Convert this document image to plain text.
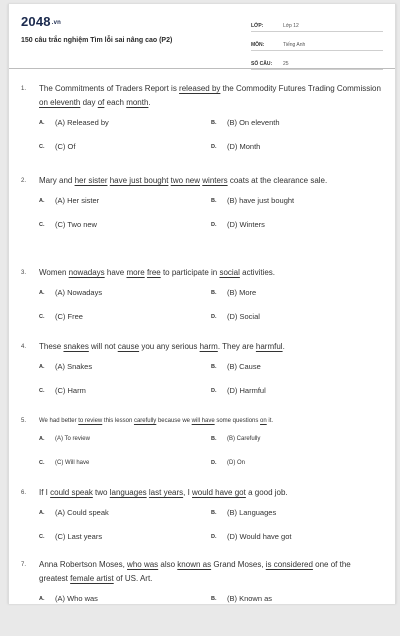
2048.vn
150 câu trắc nghiệm Tìm lỗi sai nâng cao (P2)
LỚP:	Lớp 12
MÔN:	Tiếng Anh
SỐ CÂU:	25
1.	The Commitments of Traders Report is released by the Commodity Futures Trading Commission on eleventh day of each month.
A.	(A) Released by	B.	(B) On eleventh
C.	(C) Of	D.	(D) Month
2.	Mary and her sister have just bought two new winters coats at the clearance sale.
A.	(A) Her sister	B.	(B) have just bought
C.	(C) Two new	D.	(D) Winters
3.	Women nowadays have more free to participate in social activities.
A.	(A) Nowadays	B.	(B) More
C.	(C) Free	D.	(D) Social
4.	These snakes will not cause you any serious harm. They are harmful.
A.	(A) Snakes	B.	(B) Cause
C.	(C) Harm	D.	(D) Harmful
5.	We had better to review this lesson carefully because we will have some questions on it.
A.	(A) To review	B.	(B) Carefully
C.	(C) Will have	D.	(D) On
6.	If I could speak two languages last years, I would have got a good job.
A.	(A) Could speak	B.	(B) Languages
C.	(C) Last years	D.	(D) Would have got
7.	Anna Robertson Moses, who was also known as Grand Moses, is considered one of the greatest female artist of US. Art.
A.	(A) Who was	B.	(B) Known as
